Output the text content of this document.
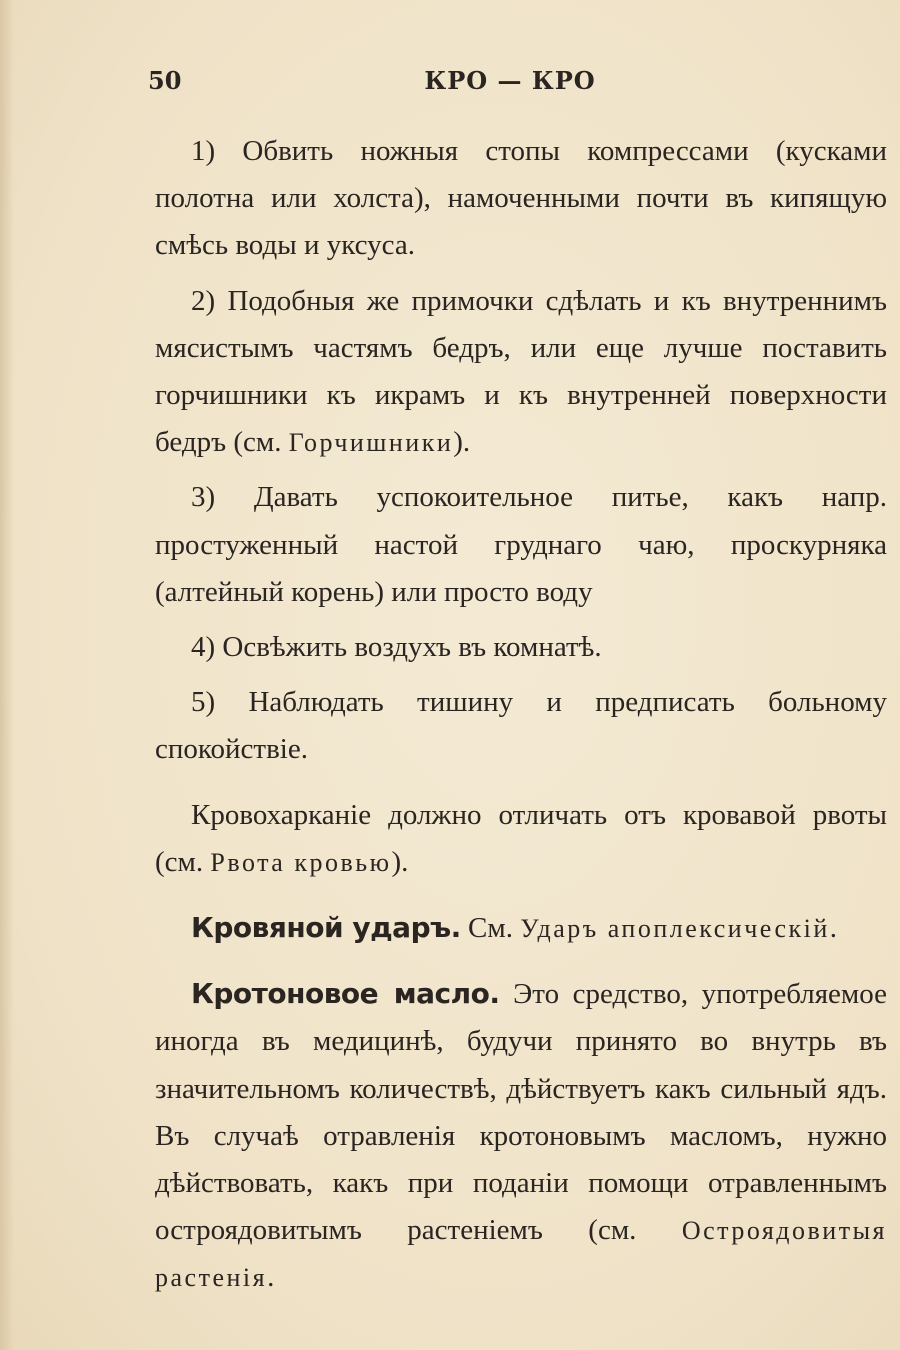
50	КРО — КРО

1) Обвить ножныя стопы компрессами (кусками полотна или холста), намоченными почти въ кипящую смѣсь воды и уксуса.

2) Подобныя же примочки сдѣлать и къ внутреннимъ мясистымъ частямъ бедръ, или еще лучше поставить горчишники къ икрамъ и къ внутренней поверхности бедръ (см. Горчишники).

3) Давать успокоительное питье, какъ напр. простуженный настой груднаго чаю, проскурняка (алтейный корень) или просто воду

4) Освѣжить воздухъ въ комнатѣ.

5) Наблюдать тишину и предписать больному спокойствіе.

Кровохарканіе должно отличать отъ кровавой рвоты (см. Рвота кровью).

Кровяной ударъ. См. Ударъ апоплексическій.

Кротоновое масло. Это средство, употребляемое иногда въ медицинѣ, будучи принято во внутрь въ значительномъ количествѣ, дѣйствуетъ какъ сильный ядъ. Въ случаѣ отравленія кротоновымъ масломъ, нужно дѣйствовать, какъ при поданіи помощи отравленнымъ остроядовитымъ растеніемъ (см. Остроядовитыя растенія.
